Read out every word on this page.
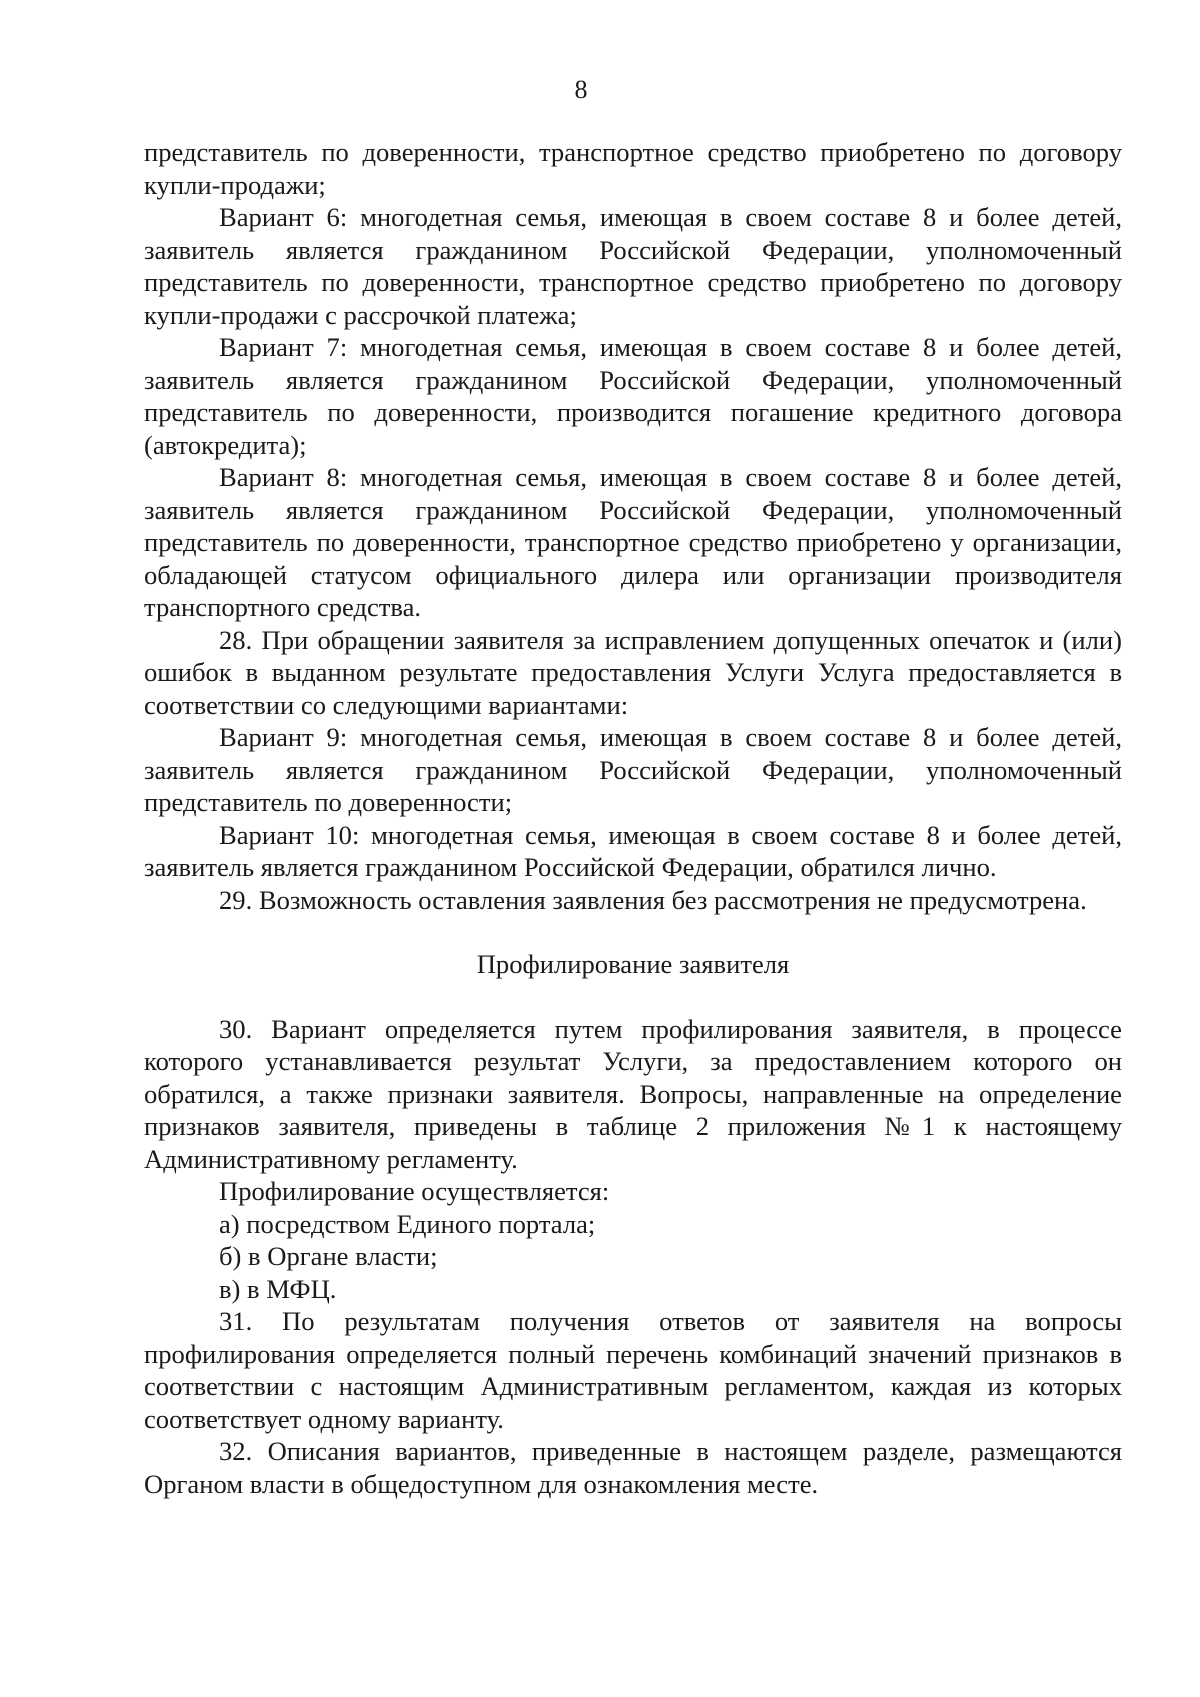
8

представитель по доверенности, транспортное средство приобретено по договору купли-продажи;

Вариант 6: многодетная семья, имеющая в своем составе 8 и более детей, заявитель является гражданином Российской Федерации, уполномоченный представитель по доверенности, транспортное средство приобретено по договору купли-продажи с рассрочкой платежа;

Вариант 7: многодетная семья, имеющая в своем составе 8 и более детей, заявитель является гражданином Российской Федерации, уполномоченный представитель по доверенности, производится погашение кредитного договора (автокредита);

Вариант 8: многодетная семья, имеющая в своем составе 8 и более детей, заявитель является гражданином Российской Федерации, уполномоченный представитель по доверенности, транспортное средство приобретено у организации, обладающей статусом официального дилера или организации производителя транспортного средства.

28. При обращении заявителя за исправлением допущенных опечаток и (или) ошибок в выданном результате предоставления Услуги Услуга предоставляется в соответствии со следующими вариантами:

Вариант 9: многодетная семья, имеющая в своем составе 8 и более детей, заявитель является гражданином Российской Федерации, уполномоченный представитель по доверенности;

Вариант 10: многодетная семья, имеющая в своем составе 8 и более детей, заявитель является гражданином Российской Федерации, обратился лично.

29. Возможность оставления заявления без рассмотрения не предусмотрена.

Профилирование заявителя

30. Вариант определяется путем профилирования заявителя, в процессе которого устанавливается результат Услуги, за предоставлением которого он обратился, а также признаки заявителя. Вопросы, направленные на определение признаков заявителя, приведены в таблице 2 приложения №1 к настоящему Административному регламенту.

Профилирование осуществляется:

а) посредством Единого портала;

б) в Органе власти;

в) в МФЦ.

31. По результатам получения ответов от заявителя на вопросы профилирования определяется полный перечень комбинаций значений признаков в соответствии с настоящим Административным регламентом, каждая из которых соответствует одному варианту.

32. Описания вариантов, приведенные в настоящем разделе, размещаются Органом власти в общедоступном для ознакомления месте.
